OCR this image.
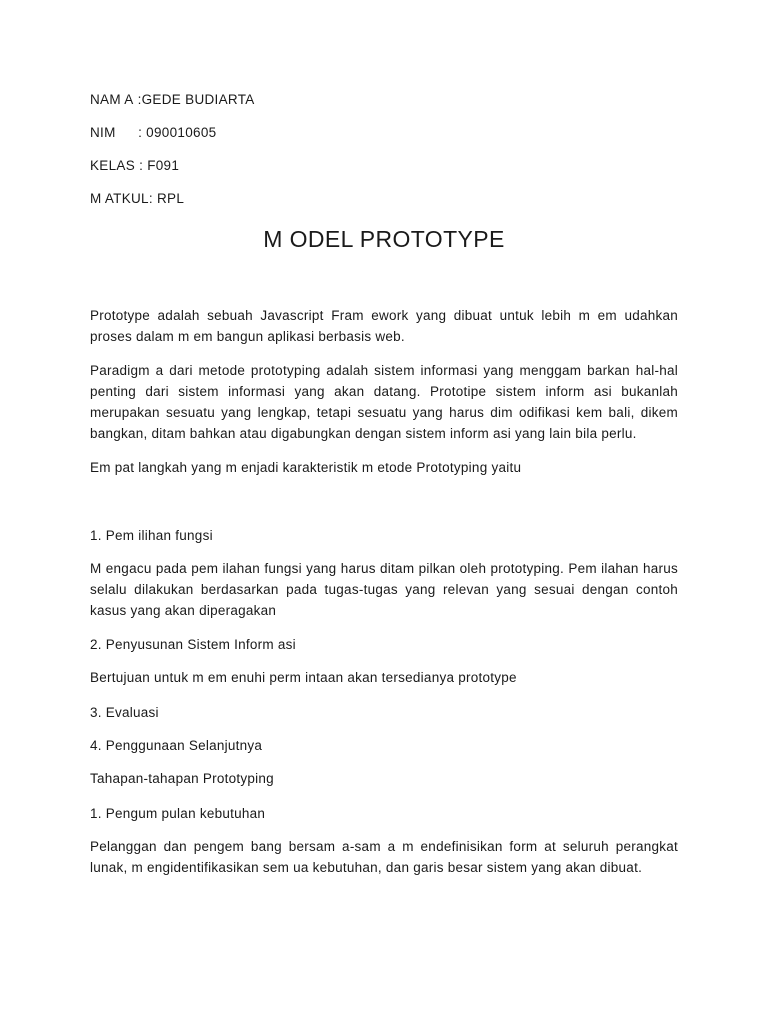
NAM A :GEDE BUDIARTA
NIM : 090010605
KELAS : F091
M ATKUL: RPL
M ODEL PROTOTYPE
Prototype adalah sebuah Javascript Fram ework yang dibuat untuk lebih m em udahkan proses dalam m em bangun aplikasi berbasis web.
Paradigm a dari metode prototyping adalah sistem informasi yang menggam barkan hal-hal penting dari sistem informasi yang akan datang. Prototipe sistem inform asi bukanlah merupakan sesuatu yang lengkap, tetapi sesuatu yang harus dim odifikasi kem bali, dikem bangkan, ditam bahkan atau digabungkan dengan sistem inform asi yang lain bila perlu.
Em pat langkah yang m enjadi karakteristik m etode Prototyping yaitu
1. Pem ilihan fungsi
M engacu pada pem ilahan fungsi yang harus ditam pilkan oleh prototyping. Pem ilahan harus selalu dilakukan berdasarkan pada tugas-tugas yang relevan yang sesuai dengan contoh kasus yang akan diperagakan
2. Penyusunan Sistem Inform asi
Bertujuan untuk m em enuhi perm intaan akan tersedianya prototype
3. Evaluasi
4. Penggunaan Selanjutnya
Tahapan-tahapan Prototyping
1. Pengum pulan kebutuhan
Pelanggan dan pengem bang bersam a-sam a m endefinisikan form at seluruh perangkat lunak, m engidentifikasikan sem ua kebutuhan, dan garis besar sistem yang akan dibuat.
